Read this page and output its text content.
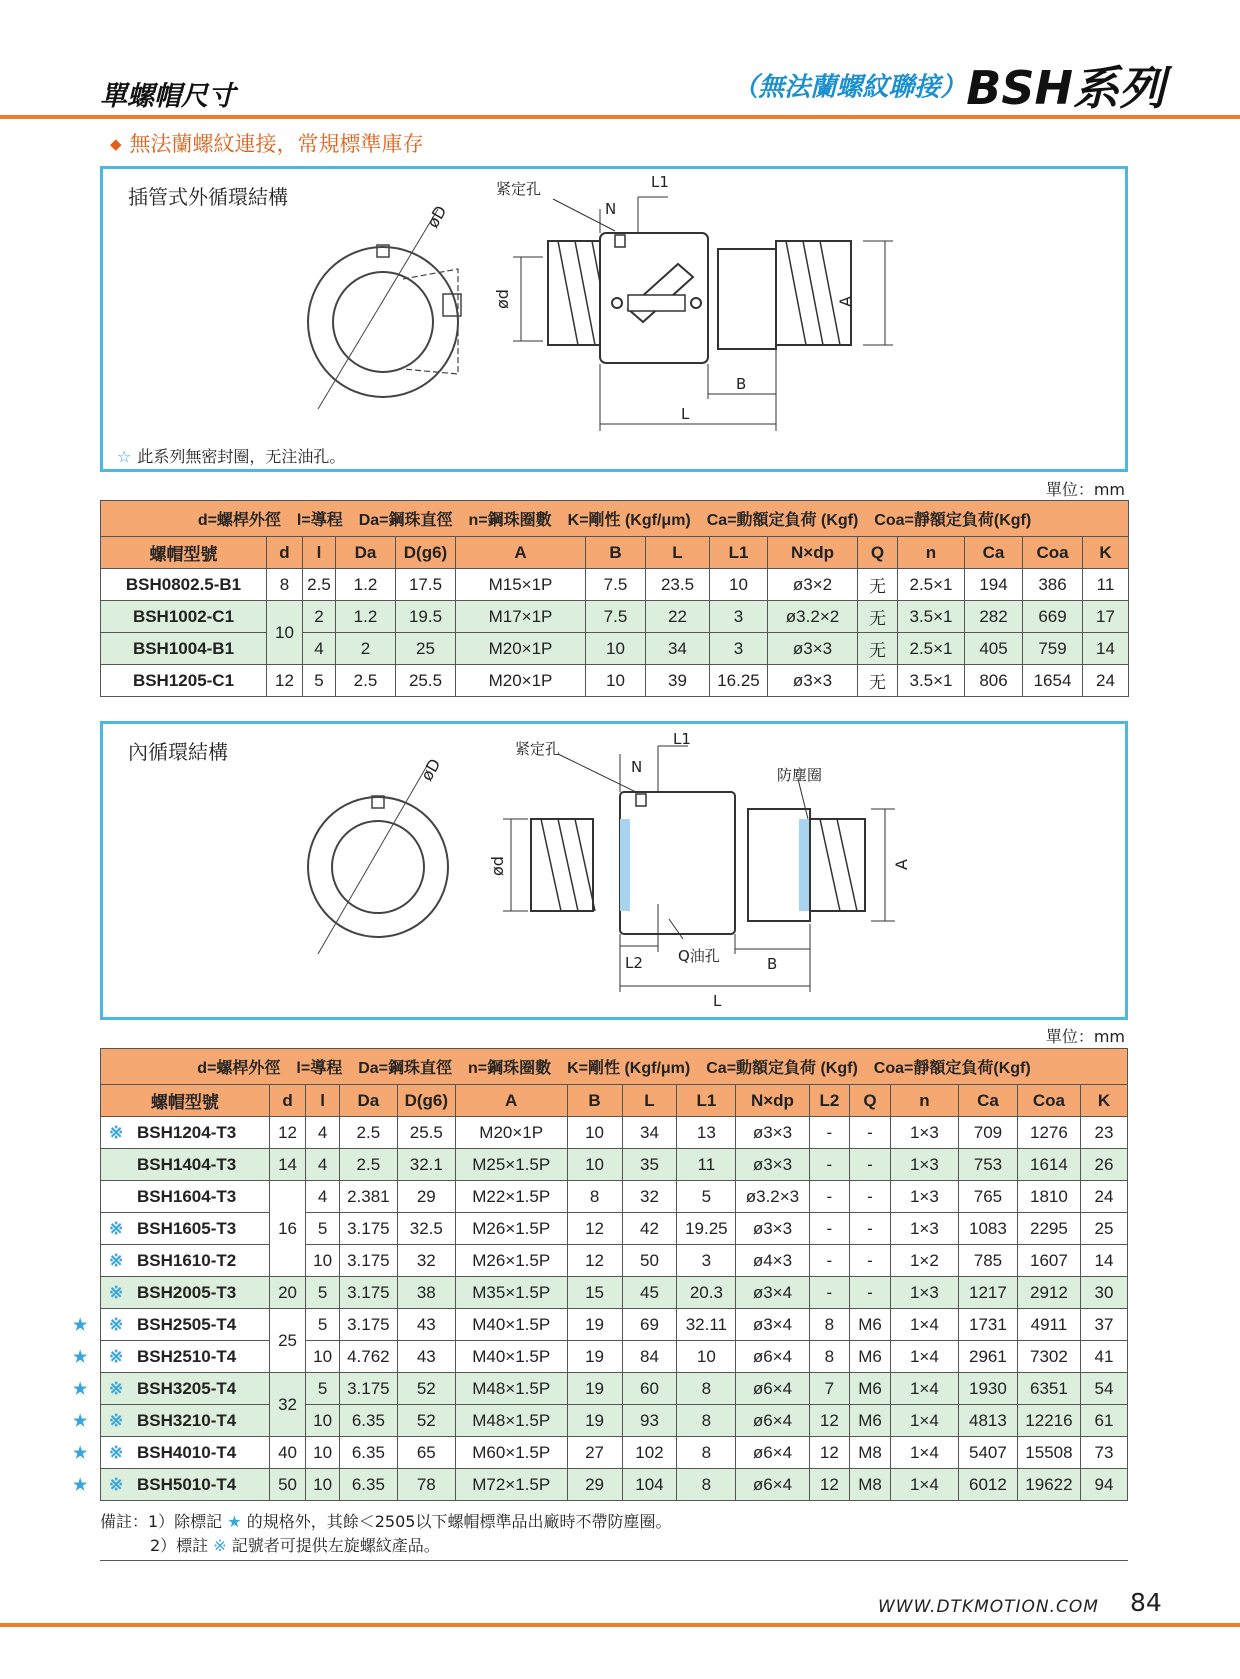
單螺帽尺寸	（無法蘭螺紋聯接）BSH系列
◆ 無法蘭螺紋連接，常規標準庫存
插管式外循環結構
øD
紧定孔	L1
N
ød	A
B
L
☆ 此系列無密封圈，无注油孔。
單位：mm
d=螺桿外徑　l=導程　Da=鋼珠直徑　n=鋼珠圈數　K=剛性 (Kgf/μm)　Ca=動額定負荷 (Kgf)　Coa=靜額定負荷(Kgf)														
螺帽型號	d	l	Da	D(g6)	A	B	L	L1	N×dp	Q	n	Ca	Coa	K
BSH0802.5-B1	8	2.5	1.2	17.5	M15×1P	7.5	23.5	10	ø3×2	无	2.5×1	194	386	11
BSH1002-C1	10	2	1.2	19.5	M17×1P	7.5	22	3	ø3.2×2	无	3.5×1	282	669	17
BSH1004-B1		4	2	25	M20×1P	10	34	3	ø3×3	无	2.5×1	405	759	14
BSH1205-C1	12	5	2.5	25.5	M20×1P	10	39	16.25	ø3×3	无	3.5×1	806	1654	24
內循環結構
øD
紧定孔
L1
N	防塵圈
ød	A
L2 Q油孔	B
L
單位：mm
d=螺桿外徑　l=導程　Da=鋼珠直徑　n=鋼珠圈數　K=剛性 (Kgf/μm)　Ca=動額定負荷 (Kgf)　Coa=靜額定負荷(Kgf)															
螺帽型號	d	l	Da	D(g6)	A	B	L	L1	N×dp	L2	Q	n	Ca	Coa	K
※ BSH1204-T3	12	4	2.5	25.5	M20×1P	10	34	13	ø3×3	-	-	1×3	709	1276	23
BSH1404-T3	14	4	2.5	32.1	M25×1.5P	10	35	11	ø3×3	-	-	1×3	753	1614	26
BSH1604-T3	16	4	2.381	29	M22×1.5P	8	32	5	ø3.2×3	-	-	1×3	765	1810	24
※ BSH1605-T3		5	3.175	32.5	M26×1.5P	12	42	19.25	ø3×3	-	-	1×3	1083	2295	25
※ BSH1610-T2		10	3.175	32	M26×1.5P	12	50	3	ø4×3	-	-	1×2	785	1607	14
※ BSH2005-T3	20	5	3.175	38	M35×1.5P	15	45	20.3	ø3×4	-	-	1×3	1217	2912	30

★ ※ BSH2505-T4	25	5	3.175	43	M40×1.5P	19	69	32.11	ø3×4	8	M6	1×4	1731	4911	37

★ ※ BSH2510-T4		10	4.762	43	M40×1.5P	19	84	10	ø6×4	8	M6	1×4	2961	7302	41

★ ※ BSH3205-T4	32	5	3.175	52	M48×1.5P	19	60	8	ø6×4	7	M6	1×4	1930	6351	54

★ ※ BSH3210-T4		10	6.35	52	M48×1.5P	19	93	8	ø6×4	12	M6	1×4	4813	12216	61

★ ※ BSH4010-T4	40	10	6.35	65	M60×1.5P	27	102	8	ø6×4	12	M8	1×4	5407	15508	73

★ ※ BSH5010-T4	50	10	6.35	78	M72×1.5P	29	104	8	ø6×4	12	M8	1×4	6012	19622	94
備註：1）除標記 ★ 的規格外，其餘＜2505以下螺帽標準品出廠時不帶防塵圈。
2）標註 ※ 記號者可提供左旋螺紋產品。
WWW.DTKMOTION.COM 84
